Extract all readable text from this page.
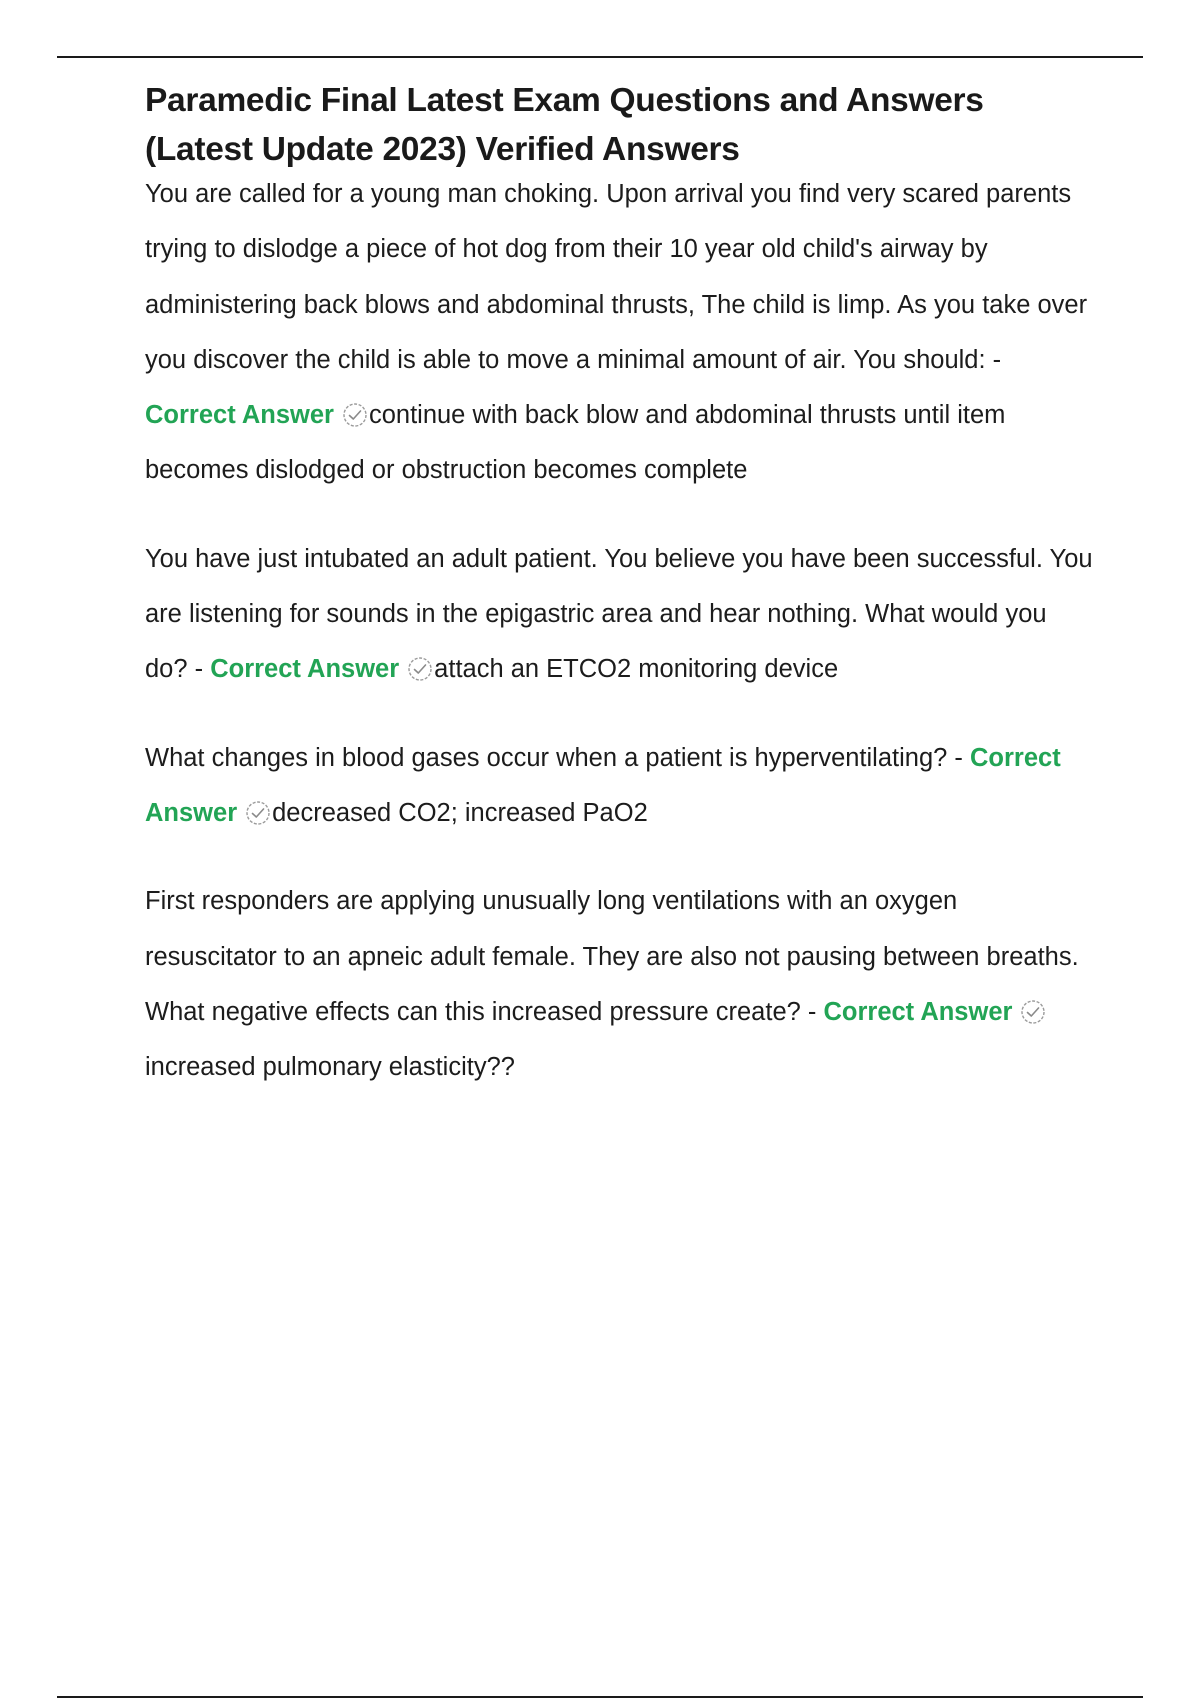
Paramedic Final Latest Exam Questions and Answers (Latest Update 2023) Verified Answers

You are called for a young man choking. Upon arrival you find very scared parents trying to dislodge a piece of hot dog from their 10 year old child's airway by administering back blows and abdominal thrusts, The child is limp. As you take over you discover the child is able to move a minimal amount of air. You should: - Correct Answer continue with back blow and abdominal thrusts until item becomes dislodged or obstruction becomes complete

You have just intubated an adult patient. You believe you have been successful. You are listening for sounds in the epigastric area and hear nothing. What would you do? - Correct Answer attach an ETCO2 monitoring device

What changes in blood gases occur when a patient is hyperventilating? - Correct Answer decreased CO2; increased PaO2

First responders are applying unusually long ventilations with an oxygen resuscitator to an apneic adult female. They are also not pausing between breaths. What negative effects can this increased pressure create? - Correct Answer
increased pulmonary elasticity??
